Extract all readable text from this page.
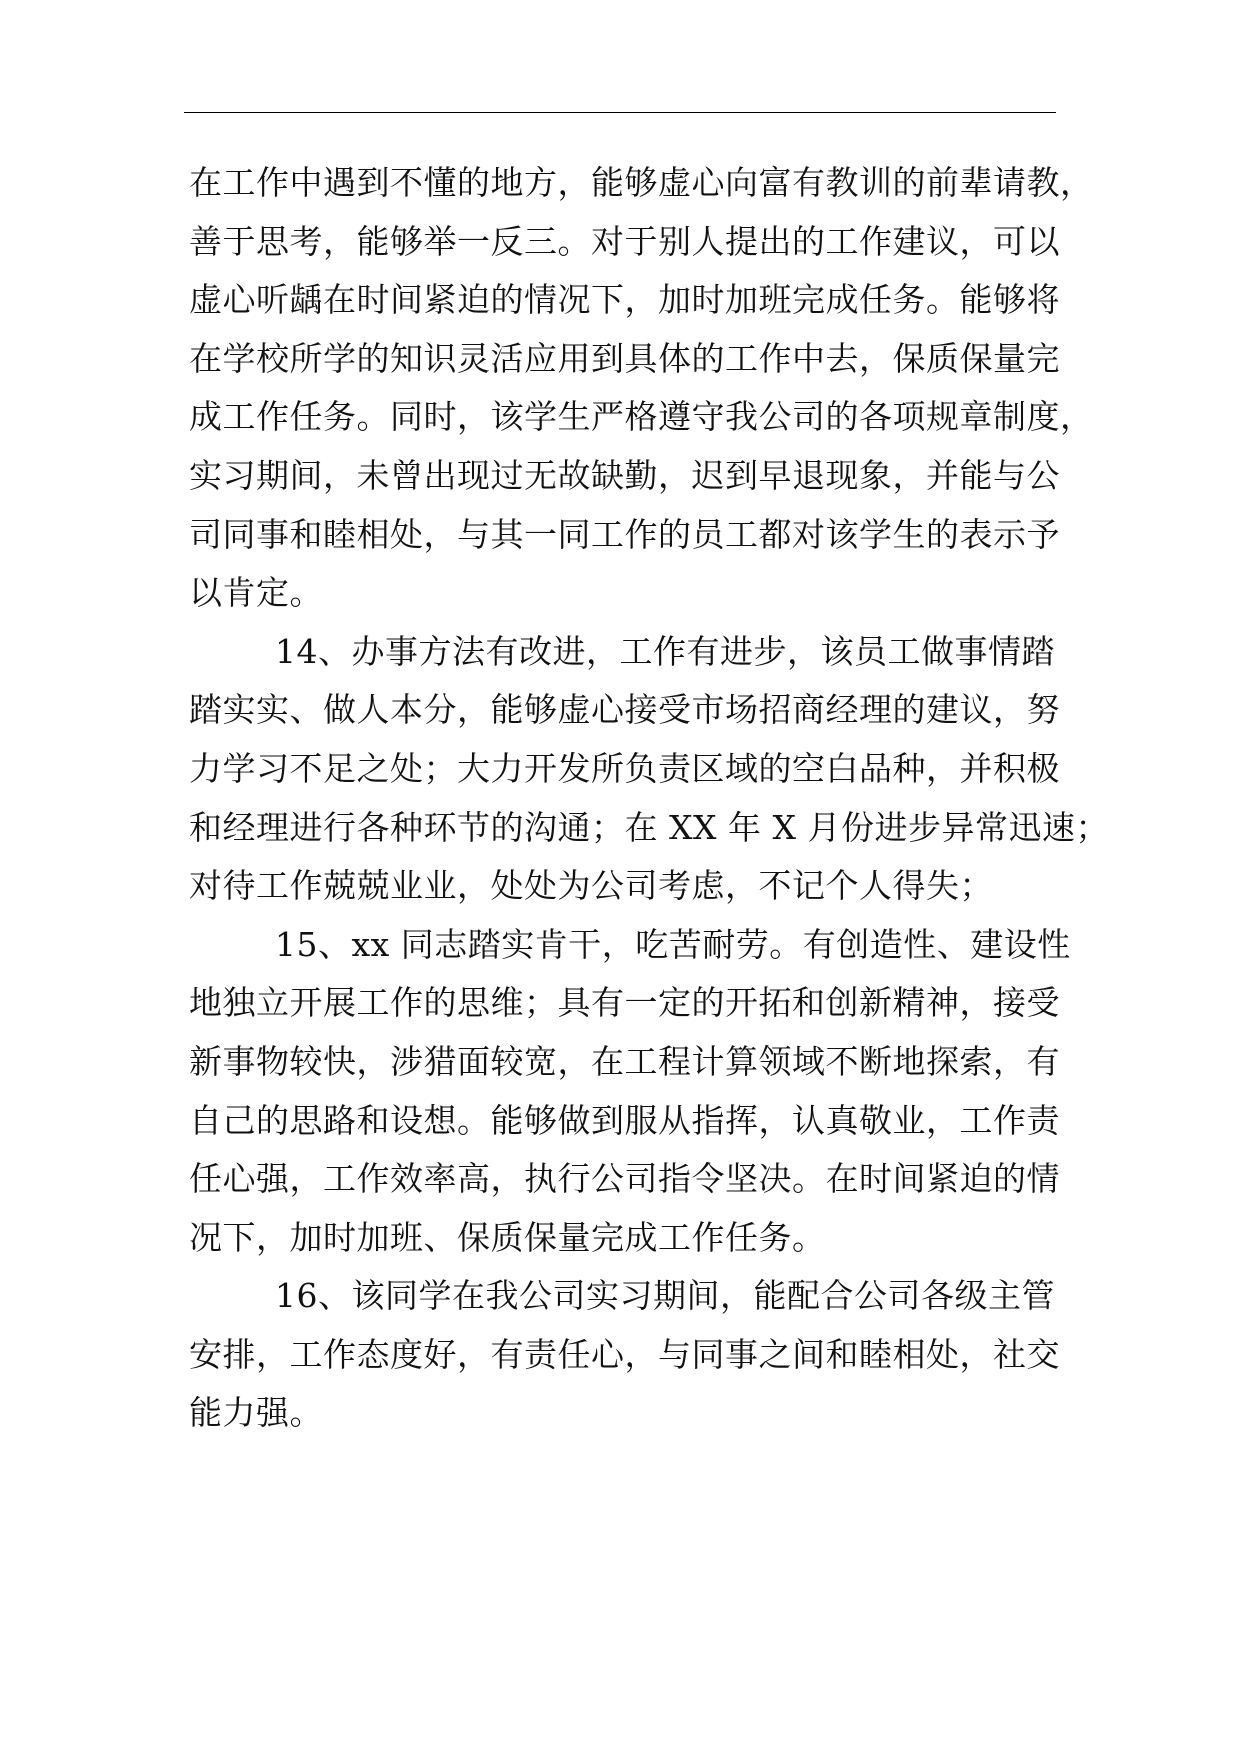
在工作中遇到不懂的地方，能够虚心向富有教训的前辈请教，
善于思考，能够举一反三。对于别人提出的工作建议，可以
虚心听龋在时间紧迫的情况下，加时加班完成任务。能够将
在学校所学的知识灵活应用到具体的工作中去，保质保量完
成工作任务。同时，该学生严格遵守我公司的各项规章制度，
实习期间，未曾出现过无故缺勤，迟到早退现象，并能与公
司同事和睦相处，与其一同工作的员工都对该学生的表示予
以肯定。
14、办事方法有改进，工作有进步，该员工做事情踏
踏实实、做人本分，能够虚心接受市场招商经理的建议，努
力学习不足之处；大力开发所负责区域的空白品种，并积极
和经理进行各种环节的沟通；在 XX 年 X 月份进步异常迅速；
对待工作兢兢业业，处处为公司考虑，不记个人得失；
15、xx 同志踏实肯干，吃苦耐劳。有创造性、建设性
地独立开展工作的思维；具有一定的开拓和创新精神，接受
新事物较快，涉猎面较宽，在工程计算领域不断地探索，有
自己的思路和设想。能够做到服从指挥，认真敬业，工作责
任心强，工作效率高，执行公司指令坚决。在时间紧迫的情
况下，加时加班、保质保量完成工作任务。
16、该同学在我公司实习期间，能配合公司各级主管
安排，工作态度好，有责任心，与同事之间和睦相处，社交
能力强。
